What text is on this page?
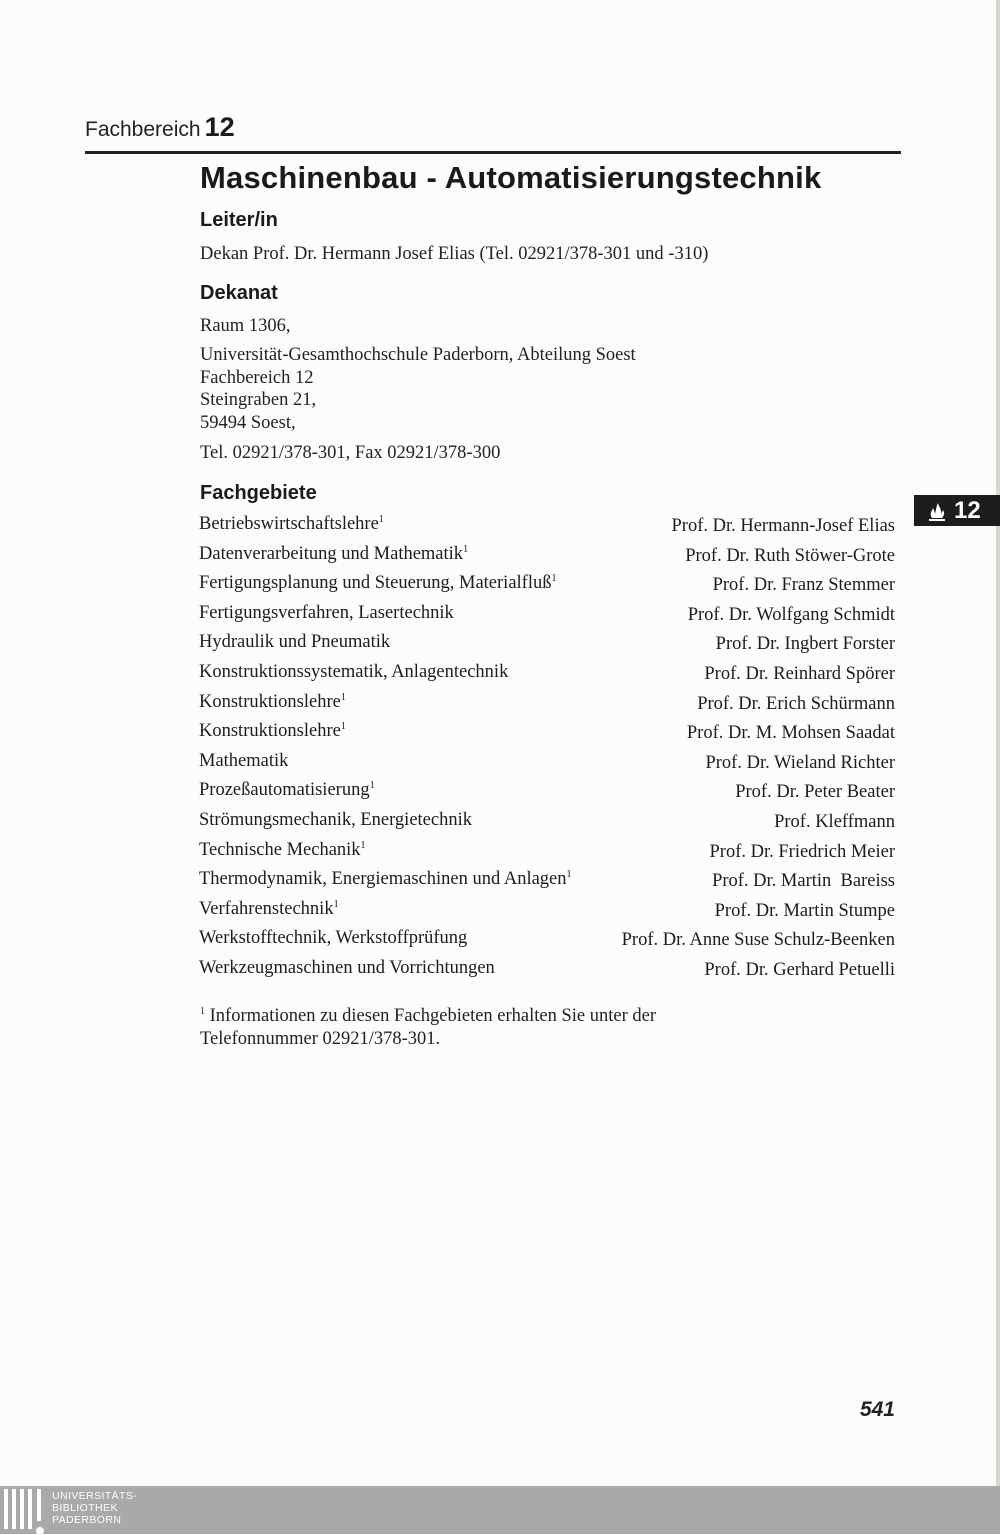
Fachbereich 12
Maschinenbau - Automatisierungstechnik
Leiter/in
Dekan Prof. Dr. Hermann Josef Elias (Tel. 02921/378-301 und -310)
Dekanat
Raum 1306,
Universität-Gesamthochschule Paderborn, Abteilung Soest
Fachbereich 12
Steingraben 21,
59494 Soest,
Tel. 02921/378-301, Fax 02921/378-300
Fachgebiete
Betriebswirtschaftslehre$^1$	Prof. Dr. Hermann-Josef Elias
Datenverarbeitung und Mathematik$^1$	Prof. Dr. Ruth Stöwer-Grote
Fertigungsplanung und Steuerung, Materialfluß$^1$	Prof. Dr. Franz Stemmer
Fertigungsverfahren, Lasertechnik	Prof. Dr. Wolfgang Schmidt
Hydraulik und Pneumatik	Prof. Dr. Ingbert Forster
Konstruktionssystematik, Anlagentechnik	Prof. Dr. Reinhard Spörer
Konstruktionslehre$^1$	Prof. Dr. Erich Schürmann
Konstruktionslehre$^1$	Prof. Dr. M. Mohsen Saadat
Mathematik	Prof. Dr. Wieland Richter
Prozeßautomatisierung$^1$	Prof. Dr. Peter Beater
Strömungsmechanik, Energietechnik	Prof. Kleffmann
Technische Mechanik$^1$	Prof. Dr. Friedrich Meier
Thermodynamik, Energiemaschinen und Anlagen$^1$	Prof. Dr. Martin  Bareiss
Verfahrenstechnik$^1$	Prof. Dr. Martin Stumpe
Werkstofftechnik, Werkstoffprüfung	Prof. Dr. Anne Suse Schulz-Beenken
Werkzeugmaschinen und Vorrichtungen	Prof. Dr. Gerhard Petuelli
$^1$ Informationen zu diesen Fachgebieten erhalten Sie unter der
Telefonnummer 02921/378-301.
541
12
UNIVERSITÄTS-
BIBLIOTHEK
PADERBORN
